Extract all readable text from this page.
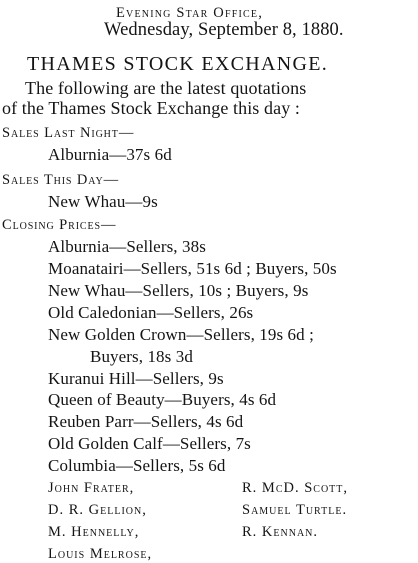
Evening Star Office,
Wednesday, September 8, 1880.
THAMES STOCK EXCHANGE.
The following are the latest quotations
of the Thames Stock Exchange this day :
Sales Last Night—
Alburnia—37s 6d
Sales This Day—
New Whau—9s
Closing Prices—
Alburnia—Sellers, 38s
Moanatairi—Sellers, 51s 6d ; Buyers, 50s
New Whau—Sellers, 10s ; Buyers, 9s
Old Caledonian—Sellers, 26s
New Golden Crown—Sellers, 19s 6d ;
Buyers, 18s 3d
Kuranui Hill—Sellers, 9s
Queen of Beauty—Buyers, 4s 6d
Reuben Parr—Sellers, 4s 6d
Old Golden Calf—Sellers, 7s
Columbia—Sellers, 5s 6d
John Frater,	R. McD. Scott,
D. R. Gellion,	Samuel Turtle.
M. Hennelly,	R. Kennan.
Louis Melrose,
